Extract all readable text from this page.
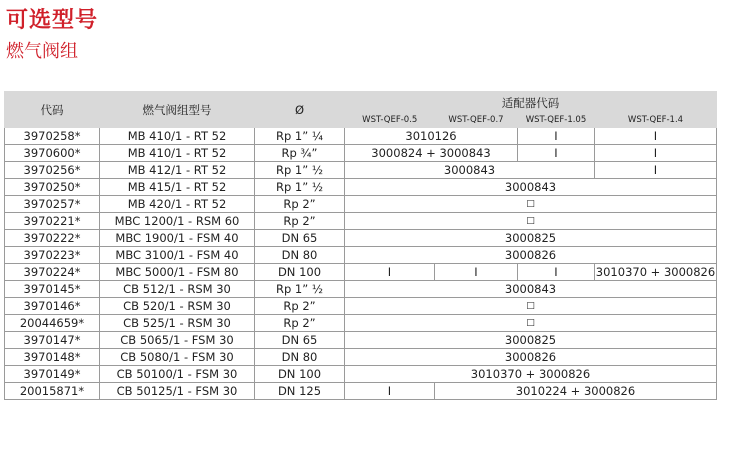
可选型号
燃气阀组
代码	燃气阀组型号	Ø	适配器代码			
			WST-QEF-0.5	WST-QEF-0.7	WST-QEF-1.05	WST-QEF-1.4
3970258*	MB 410/1 - RT 52	Rp 1” ¼	3010126		I	I
3970600*	MB 410/1 - RT 52	Rp ¾”	3000824 + 3000843		I	I
3970256*	MB 412/1 - RT 52	Rp 1” ½	3000843			I
3970250*	MB 415/1 - RT 52	Rp 1” ½	3000843			
3970257*	MB 420/1 - RT 52	Rp 2”	□			
3970221*	MBC 1200/1 - RSM 60	Rp 2”	□			
3970222*	MBC 1900/1 - FSM 40	DN 65	3000825			
3970223*	MBC 3100/1 - FSM 40	DN 80	3000826			
3970224*	MBC 5000/1 - FSM 80	DN 100	I	I	I	3010370 + 3000826
3970145*	CB 512/1 - RSM 30	Rp 1” ½	3000843			
3970146*	CB 520/1 - RSM 30	Rp 2”	□			
20044659*	CB 525/1 - RSM 30	Rp 2”	□			
3970147*	CB 5065/1 - FSM 30	DN 65	3000825			
3970148*	CB 5080/1 - FSM 30	DN 80	3000826			
3970149*	CB 50100/1 - FSM 30	DN 100	3010370 + 3000826			
20015871*	CB 50125/1 - FSM 30	DN 125	I	3010224 + 3000826		
